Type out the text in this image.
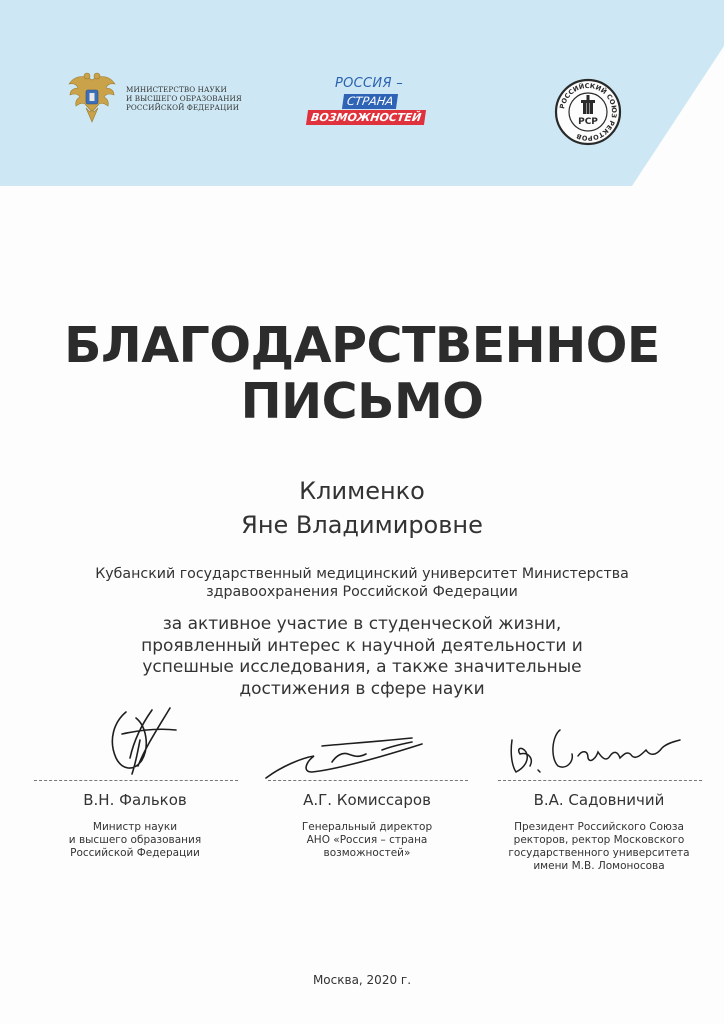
МИНИСТЕРСТВО НАУКИ
И ВЫСШЕГО ОБРАЗОВАНИЯ
РОССИЙСКОЙ ФЕДЕРАЦИИ
РОССИЯ –
СТРАНА
ВОЗМОЖНОСТЕЙ
РОССИЙСКИЙ СОЮЗ РЕКТОРОВ
РСР
БЛАГОДАРСТВЕННОЕ
ПИСЬМО
Клименко
Яне Владимировне
Кубанский государственный медицинский университет Министерства
здравоохранения Российской Федерации
за активное участие в студенческой жизни,
проявленный интерес к научной деятельности и
успешные исследования, а также значительные
достижения в сфере науки
В.Н. Фальков
Министр науки
и высшего образования
Российской Федерации
А.Г. Комиссаров
Генеральный директор
АНО «Россия – страна
возможностей»
В.А. Садовничий
Президент Российского Союза
ректоров, ректор Московского
государственного университета
имени М.В. Ломоносова
Москва, 2020 г.
